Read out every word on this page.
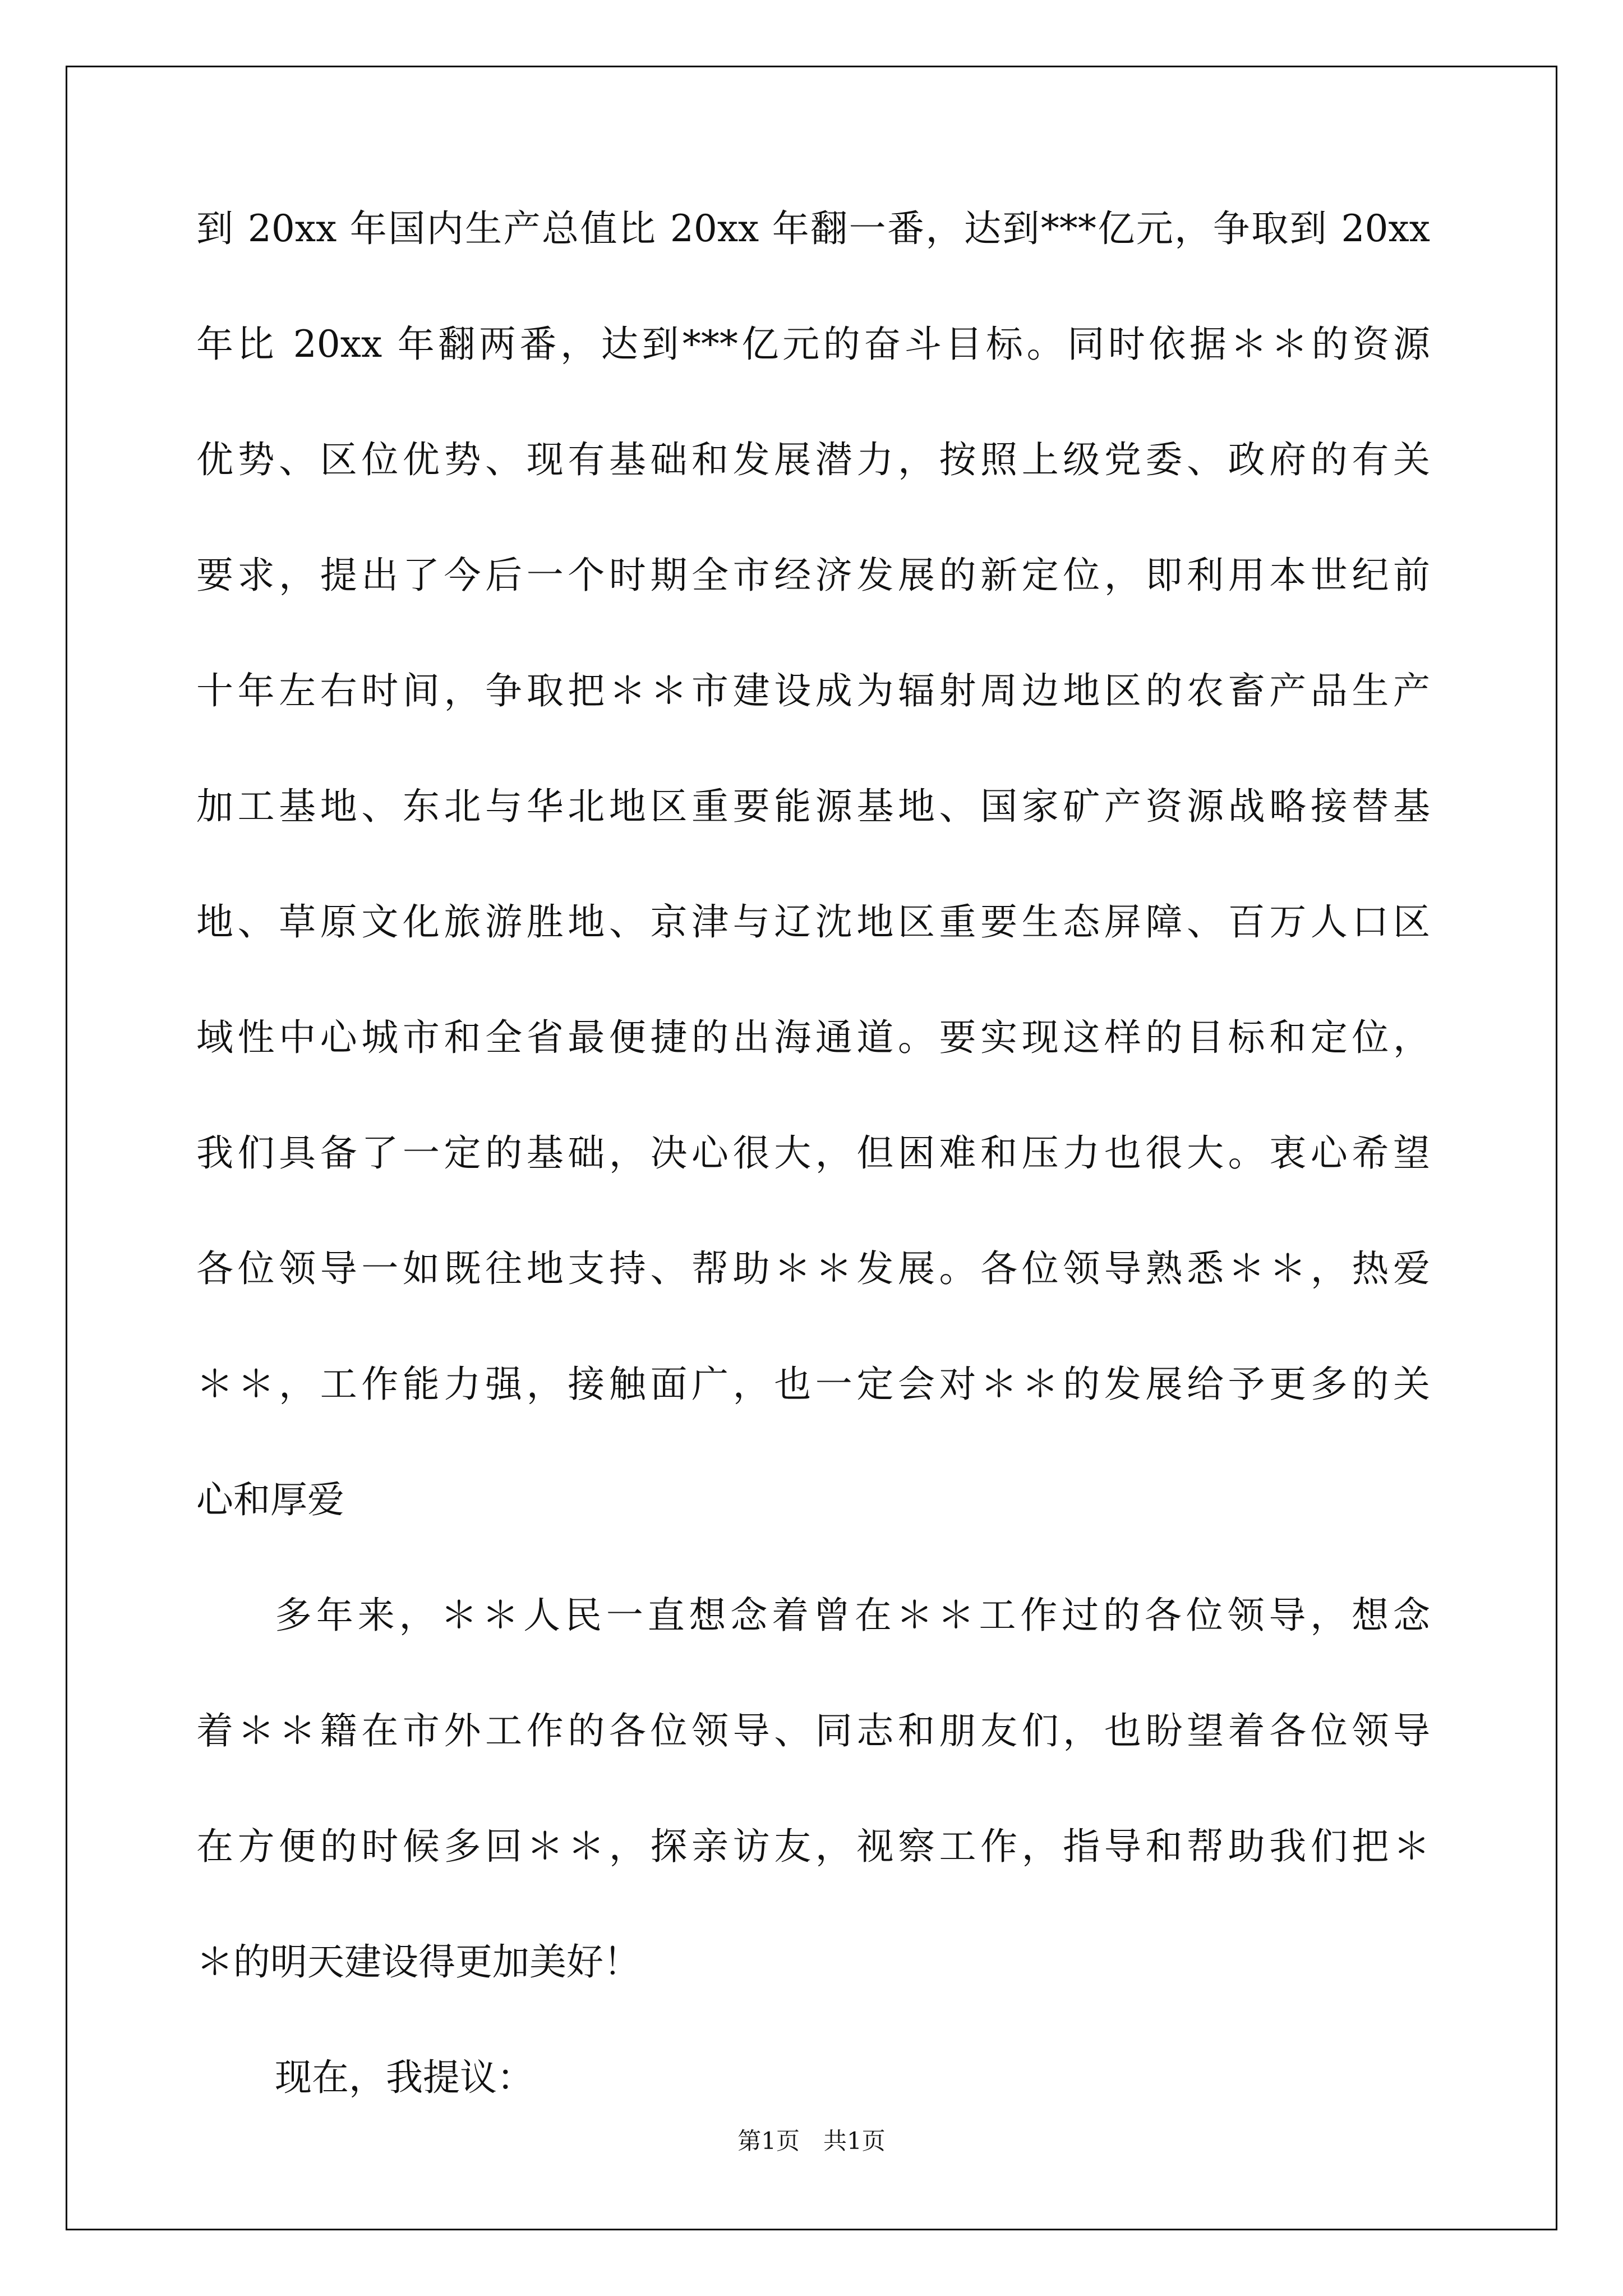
到 20xx 年国内生产总值比 20xx 年翻一番，达到***亿元，争取到 20xx
年比 20xx 年翻两番，达到***亿元的奋斗目标。同时依据＊＊的资源
优势、区位优势、现有基础和发展潜力，按照上级党委、政府的有关
要求，提出了今后一个时期全市经济发展的新定位，即利用本世纪前
十年左右时间，争取把＊＊市建设成为辐射周边地区的农畜产品生产
加工基地、东北与华北地区重要能源基地、国家矿产资源战略接替基
地、草原文化旅游胜地、京津与辽沈地区重要生态屏障、百万人口区
域性中心城市和全省最便捷的出海通道。要实现这样的目标和定位，
我们具备了一定的基础，决心很大，但困难和压力也很大。衷心希望
各位领导一如既往地支持、帮助＊＊发展。各位领导熟悉＊＊，热爱
＊＊，工作能力强，接触面广，也一定会对＊＊的发展给予更多的关
心和厚爱
多年来，＊＊人民一直想念着曾在＊＊工作过的各位领导，想念
着＊＊籍在市外工作的各位领导、同志和朋友们，也盼望着各位领导
在方便的时候多回＊＊，探亲访友，视察工作，指导和帮助我们把＊
＊的明天建设得更加美好！
现在，我提议：
第1页　共1页
